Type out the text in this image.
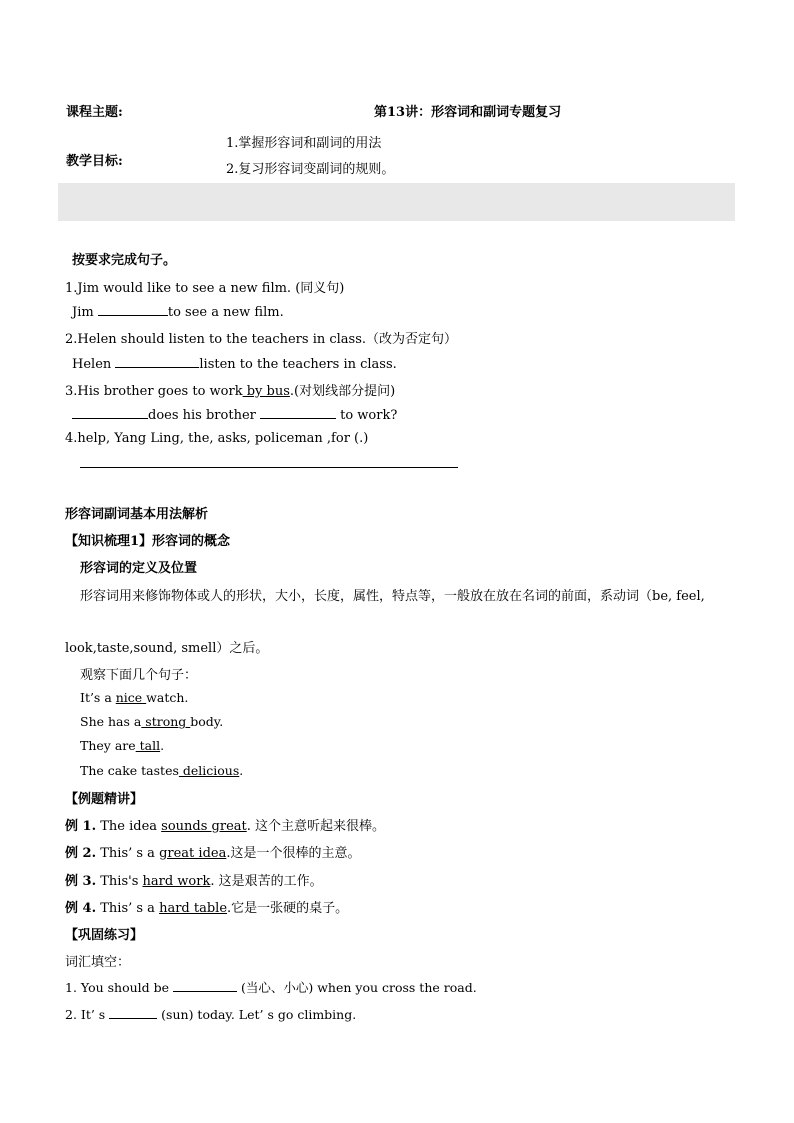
课程主题:	第13讲：形容词和副词专题复习
教学目标:
1.掌握形容词和副词的用法
2.复习形容词变副词的规则。
按要求完成句子。
1.Jim would like to see a new film. (同义句)
Jim	to see a new film.
2.Helen should listen to the teachers in class.（改为否定句）
Helen	listen to the teachers in class.
3.His brother goes to work by bus.(对划线部分提问)
does his brother	to work?
4.help, Yang Ling, the, asks, policeman ,for (.)
形容词副词基本用法解析
【知识梳理1】形容词的概念
形容词的定义及位置
形容词用来修饰物体或人的形状，大小，长度，属性，特点等，一般放在放在名词的前面，系动词（be, feel,
look,taste,sound, smell）之后。
观察下面几个句子：
It’s a nice watch.
She has a strong body.
They are tall.
The cake tastes delicious.
【例题精讲】
例 1. The idea sounds great. 这个主意听起来很棒。
例 2. This’ s a great idea.这是一个很棒的主意。
例 3. This's hard work. 这是艰苦的工作。
例 4. This’ s a hard table.它是一张硬的桌子。
【巩固练习】
词汇填空：
1. You should be	(当心、小心) when you cross the road.
2. It’ s	(sun) today. Let’ s go climbing.
